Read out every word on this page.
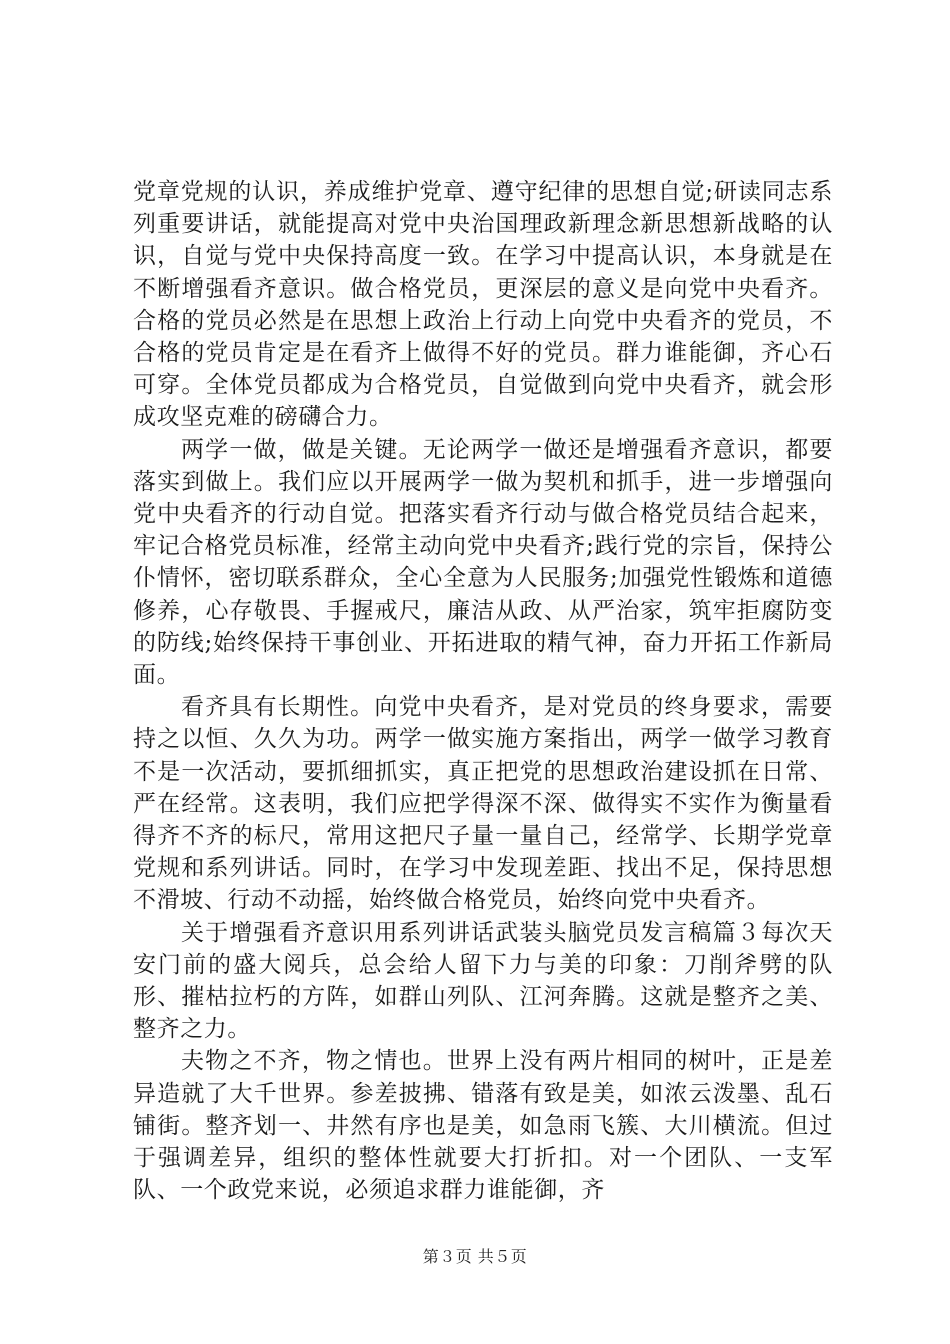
党章党规的认识，养成维护党章、遵守纪律的思想自觉;研读同志系列重要讲话，就能提高对党中央治国理政新理念新思想新战略的认识，自觉与党中央保持高度一致。在学习中提高认识，本身就是在不断增强看齐意识。做合格党员，更深层的意义是向党中央看齐。合格的党员必然是在思想上政治上行动上向党中央看齐的党员，不合格的党员肯定是在看齐上做得不好的党员。群力谁能御，齐心石可穿。全体党员都成为合格党员，自觉做到向党中央看齐，就会形成攻坚克难的磅礴合力。

两学一做，做是关键。无论两学一做还是增强看齐意识，都要落实到做上。我们应以开展两学一做为契机和抓手，进一步增强向党中央看齐的行动自觉。把落实看齐行动与做合格党员结合起来，牢记合格党员标准，经常主动向党中央看齐;践行党的宗旨，保持公仆情怀，密切联系群众，全心全意为人民服务;加强党性锻炼和道德修养，心存敬畏、手握戒尺，廉洁从政、从严治家，筑牢拒腐防变的防线;始终保持干事创业、开拓进取的精气神，奋力开拓工作新局面。

看齐具有长期性。向党中央看齐，是对党员的终身要求，需要持之以恒、久久为功。两学一做实施方案指出，两学一做学习教育不是一次活动，要抓细抓实，真正把党的思想政治建设抓在日常、严在经常。这表明，我们应把学得深不深、做得实不实作为衡量看得齐不齐的标尺，常用这把尺子量一量自己，经常学、长期学党章党规和系列讲话。同时，在学习中发现差距、找出不足，保持思想不滑坡、行动不动摇，始终做合格党员，始终向党中央看齐。

关于增强看齐意识用系列讲话武装头脑党员发言稿篇３每次天安门前的盛大阅兵，总会给人留下力与美的印象：刀削斧劈的队形、摧枯拉朽的方阵，如群山列队、江河奔腾。这就是整齐之美、整齐之力。

夫物之不齐，物之情也。世界上没有两片相同的树叶，正是差异造就了大千世界。参差披拂、错落有致是美，如浓云泼墨、乱石铺街。整齐划一、井然有序也是美，如急雨飞簇、大川横流。但过于强调差异，组织的整体性就要大打折扣。对一个团队、一支军队、一个政党来说，必须追求群力谁能御，齐

第３页 共５页
